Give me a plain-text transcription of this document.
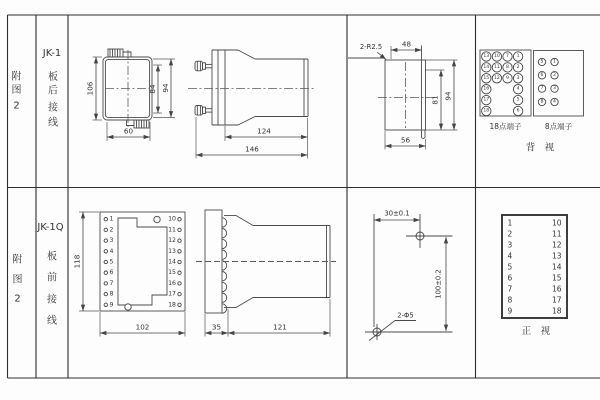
附
图
2
JK-1
板
后
接
线
106	84 94
60	124
146
2-R2.5	48
81 94
56
13
14
15
16
17
18
10
11
12
7
8
9
1
2
3
4
5
6
18点端子
5
6
7
8
1
2
3
4
8点端子
背　视
附
图
2
JK-1Q
板
前
接
线
1
2
3
4
5
6
7
8
9
10
11
12
13
14
15
16
17
18
118
102	35	121
30±0.1
100±0.2
2-Φ5
1
2
3
4
5
6
7
8
9
10
11
12
13
14
15
16
17
18
正　视
